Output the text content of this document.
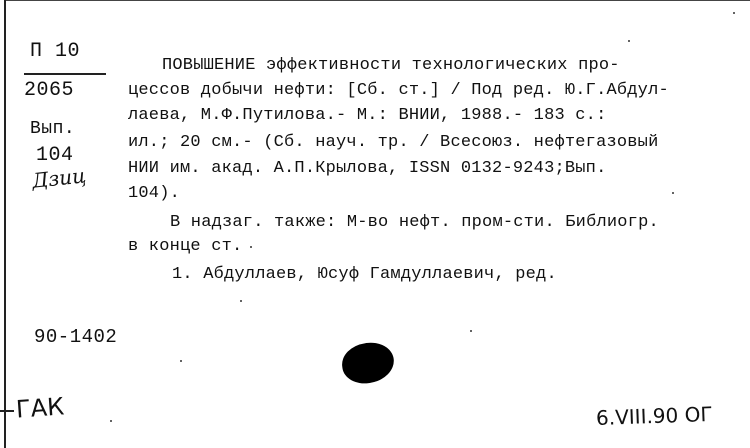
П 10
2065
Вып.
104
Дзиц
ПОВЫШЕНИЕ эффективности технологических про-
цессов добычи нефти: [Сб. ст.] / Под ред. Ю.Г.Абдул-
лаева, М.Ф.Путилова.- М.: ВНИИ, 1988.- 183 с.:
ил.; 20 см.- (Сб. науч. тр. / Всесоюз. нефтегазовый
НИИ им. акад. А.П.Крылова, ISSN 0132-9243;Вып.
104).
В надзаг. также: М-во нефт. пром-сти. Библиогр.
в конце ст.
1. Абдуллаев, Юсуф Гамдуллаевич, ред.
90-1402
ГАК	6.VIII.90 ОГ
